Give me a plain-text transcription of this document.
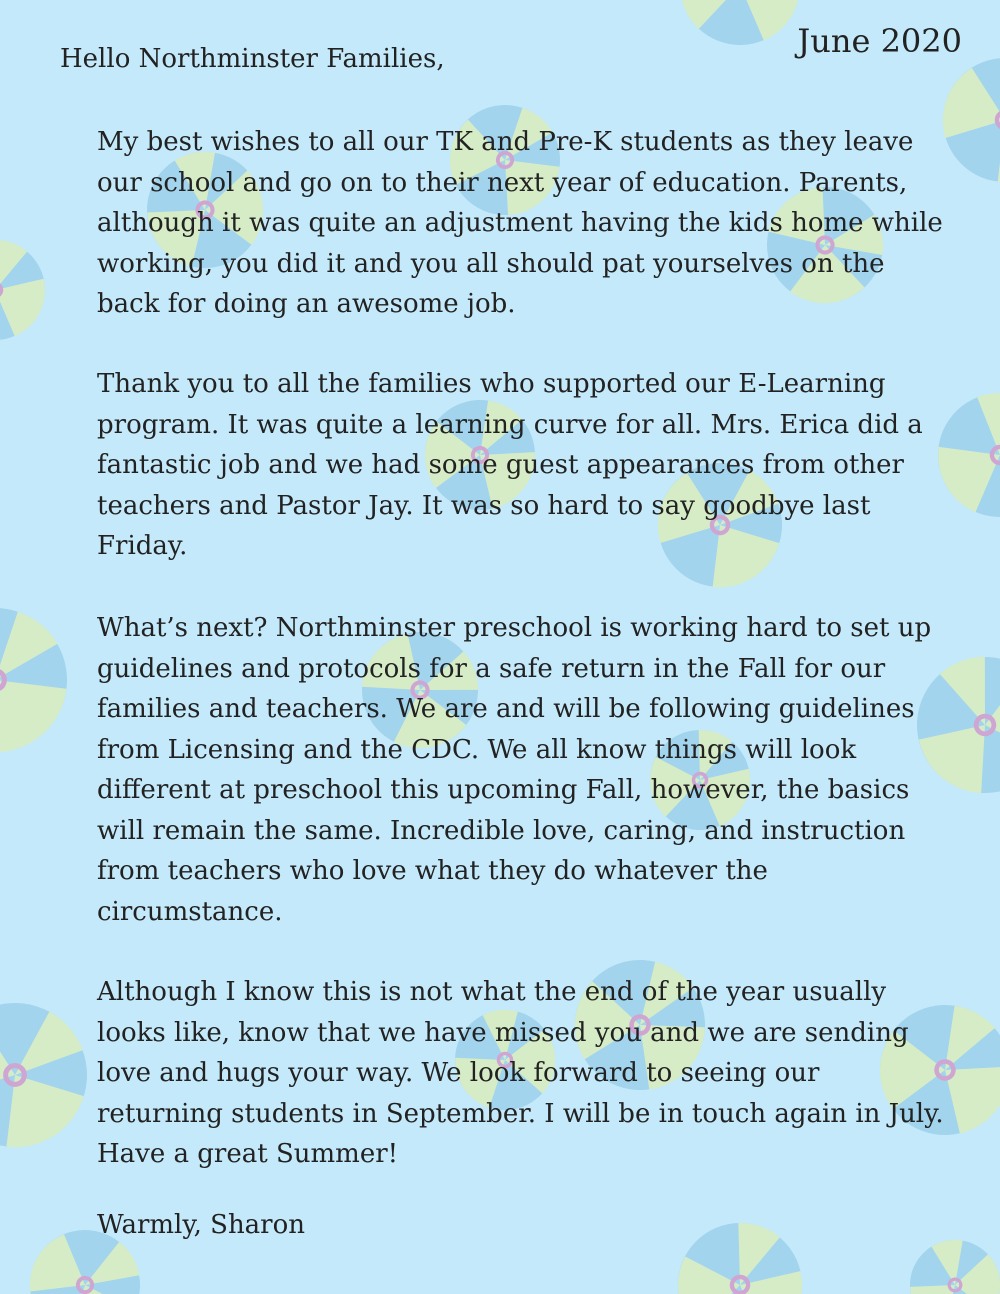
June 2020

Hello Northminster Families,

My best wishes to all our TK and Pre-K students as they leave our school and go on to their next year of education. Parents, although it was quite an adjustment having the kids home while working, you did it and you all should pat yourselves on the back for doing an awesome job.

Thank you to all the families who supported our E-Learning program. It was quite a learning curve for all. Mrs. Erica did a fantastic job and we had some guest appearances from other teachers and Pastor Jay. It was so hard to say goodbye last Friday.

What’s next? Northminster preschool is working hard to set up guidelines and protocols for a safe return in the Fall for our families and teachers. We are and will be following guidelines from Licensing and the CDC. We all know things will look different at preschool this upcoming Fall, however, the basics will remain the same. Incredible love, caring, and instruction from teachers who love what they do whatever the circumstance.

Although I know this is not what the end of the year usually looks like, know that we have missed you and we are sending love and hugs your way. We look forward to seeing our returning students in September. I will be in touch again in July. Have a great Summer!

Warmly, Sharon
